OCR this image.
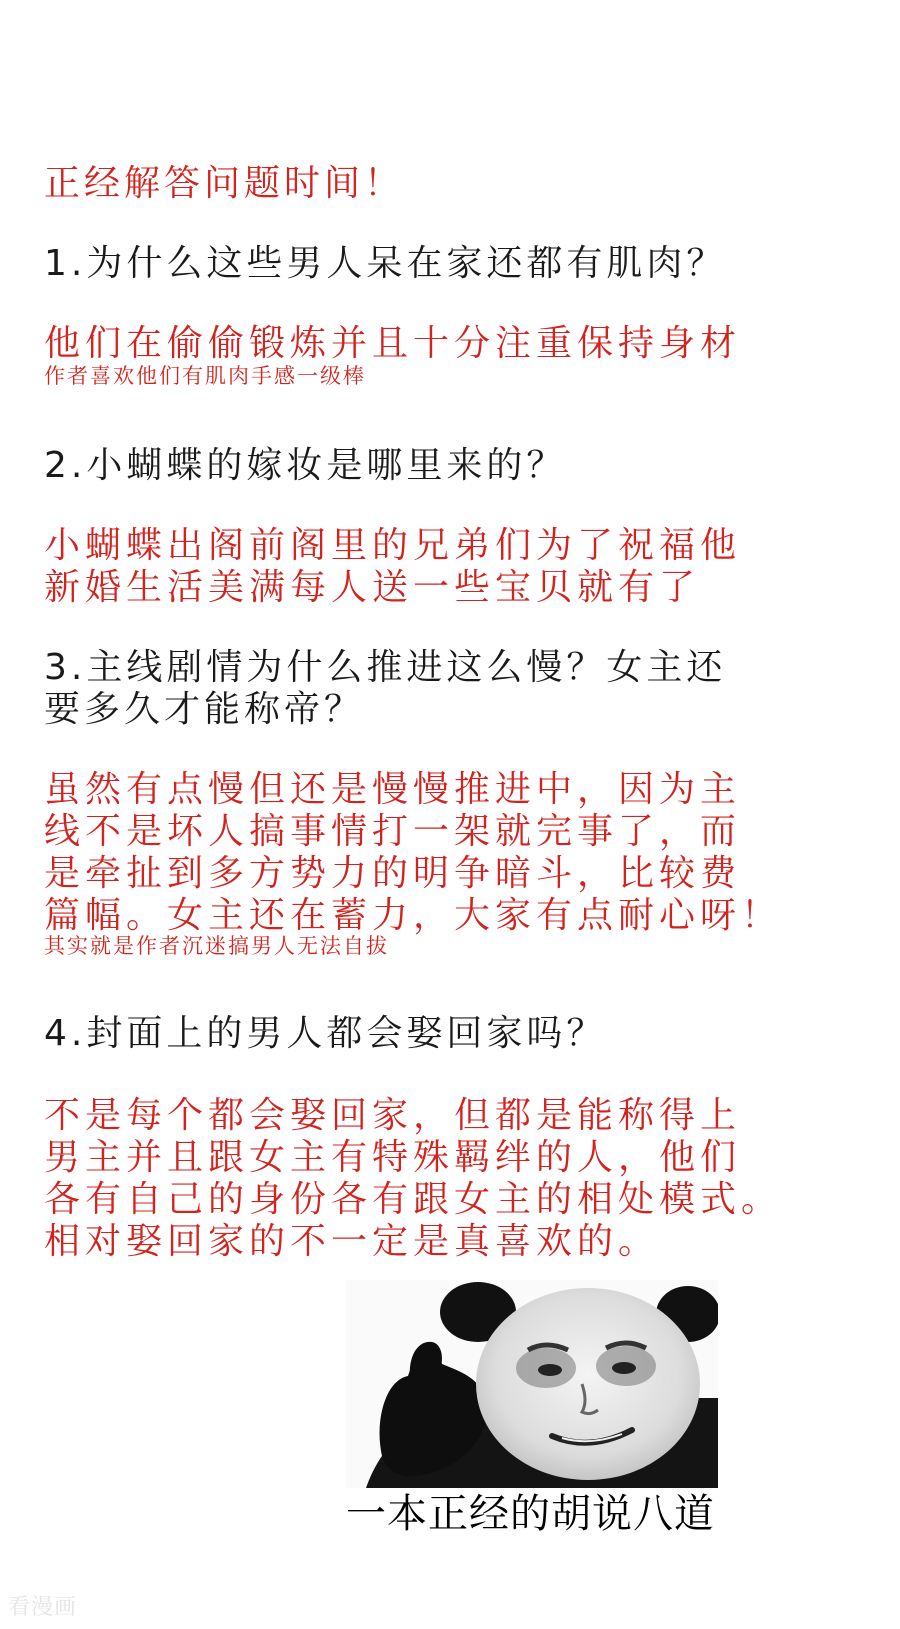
正经解答问题时间！

1.为什么这些男人呆在家还都有肌肉？

他们在偷偷锻炼并且十分注重保持身材

作者喜欢他们有肌肉手感一级棒

2.小蝴蝶的嫁妆是哪里来的？

小蝴蝶出阁前阁里的兄弟们为了祝福他

新婚生活美满每人送一些宝贝就有了

3.主线剧情为什么推进这么慢？女主还

要多久才能称帝？

虽然有点慢但还是慢慢推进中，因为主

线不是坏人搞事情打一架就完事了，而

是牵扯到多方势力的明争暗斗，比较费

篇幅。女主还在蓄力，大家有点耐心呀！

其实就是作者沉迷搞男人无法自拔

4.封面上的男人都会娶回家吗？

不是每个都会娶回家，但都是能称得上

男主并且跟女主有特殊羁绊的人，他们

各有自己的身份各有跟女主的相处模式。

相对娶回家的不一定是真喜欢的。

一本正经的胡说八道
看漫画
